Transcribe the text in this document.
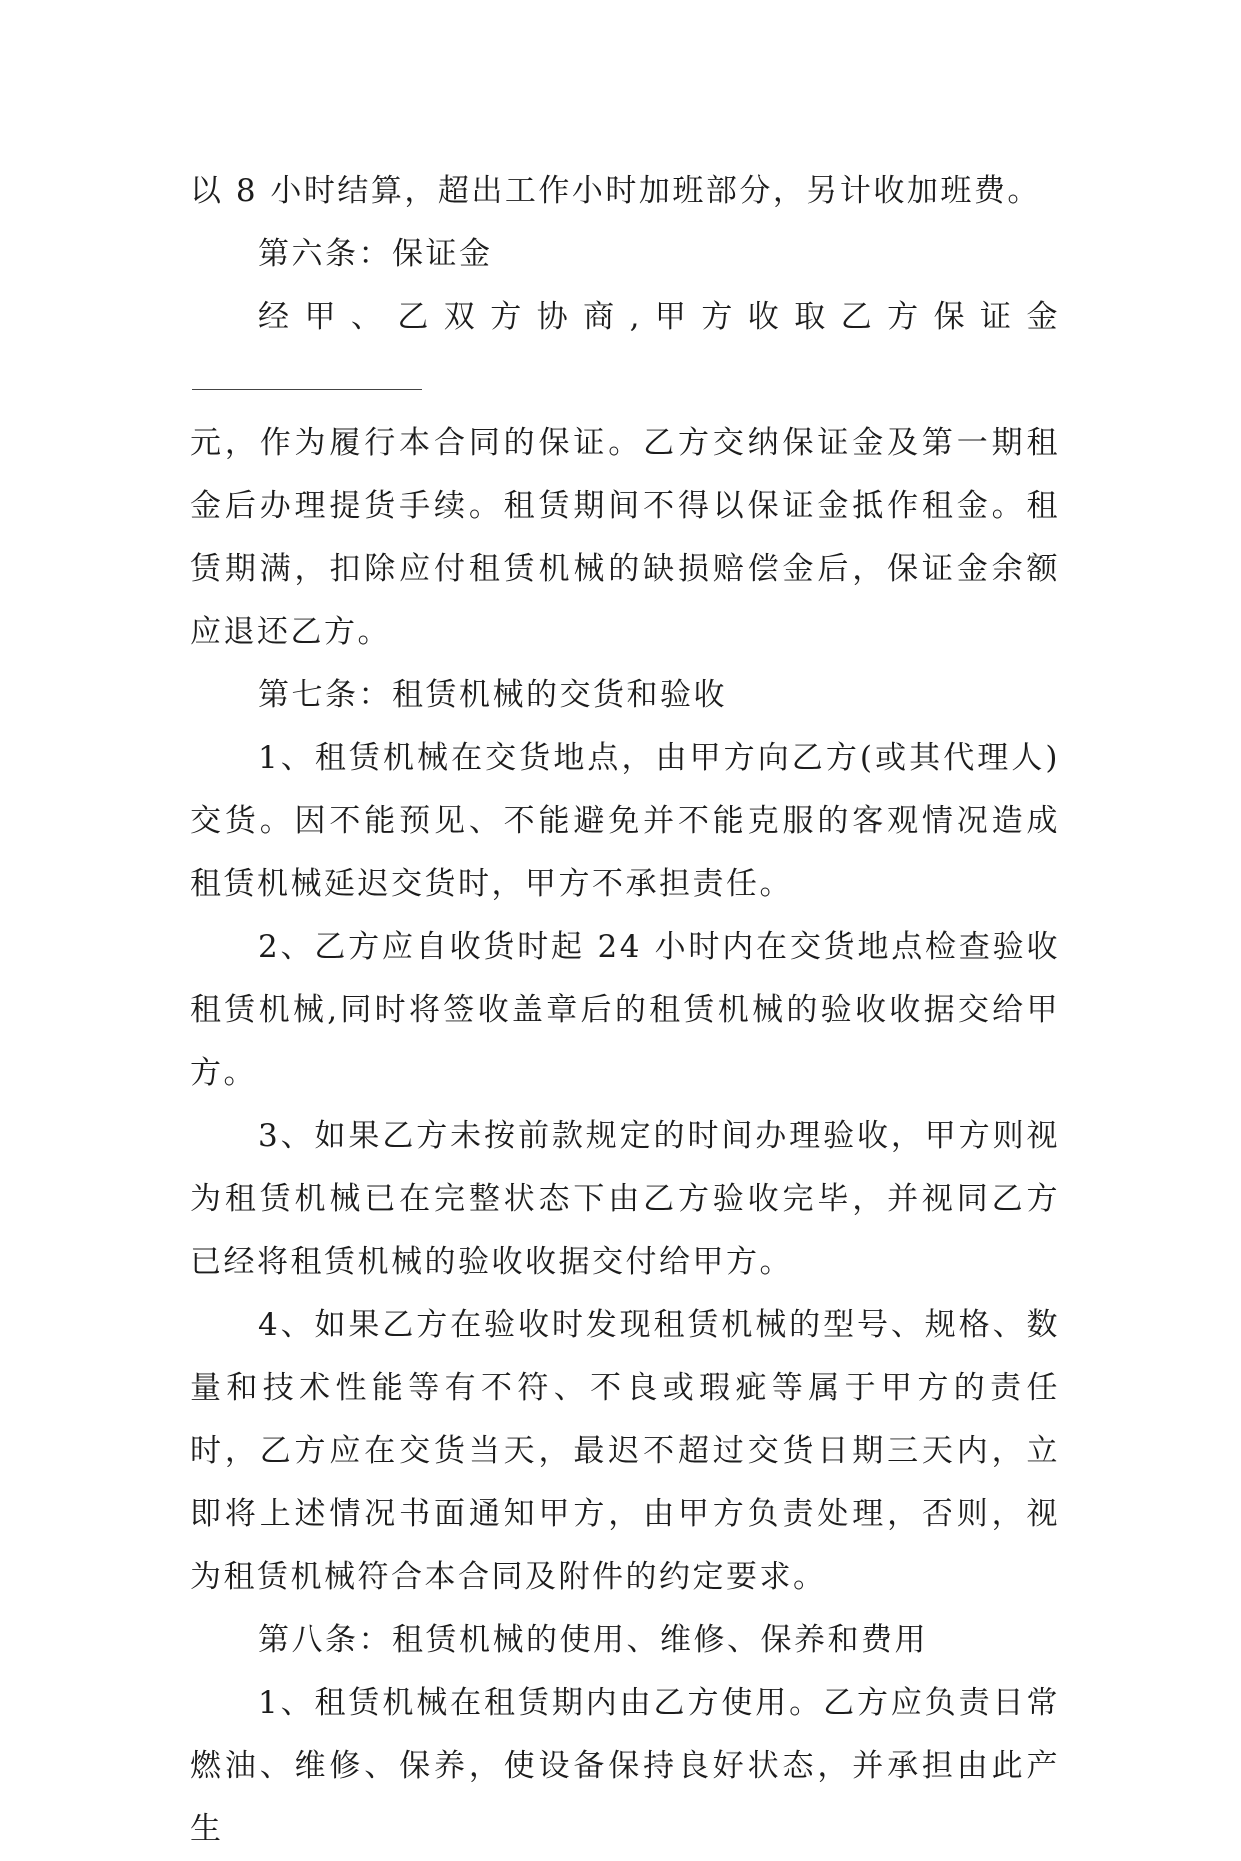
以 8 小时结算，超出工作小时加班部分，另计收加班费。

第六条：保证金

经甲、乙双方协商,甲方收取乙方保证金

元，作为履行本合同的保证。乙方交纳保证金及第一期租金后办理提货手续。租赁期间不得以保证金抵作租金。租赁期满，扣除应付租赁机械的缺损赔偿金后，保证金余额应退还乙方。

第七条：租赁机械的交货和验收

1、租赁机械在交货地点，由甲方向乙方(或其代理人)交货。因不能预见、不能避免并不能克服的客观情况造成租赁机械延迟交货时，甲方不承担责任。

2、乙方应自收货时起 24 小时内在交货地点检查验收租赁机械,同时将签收盖章后的租赁机械的验收收据交给甲方。

3、如果乙方未按前款规定的时间办理验收，甲方则视为租赁机械已在完整状态下由乙方验收完毕，并视同乙方已经将租赁机械的验收收据交付给甲方。

4、如果乙方在验收时发现租赁机械的型号、规格、数量和技术性能等有不符、不良或瑕疵等属于甲方的责任时，乙方应在交货当天，最迟不超过交货日期三天内，立即将上述情况书面通知甲方，由甲方负责处理，否则，视为租赁机械符合本合同及附件的约定要求。

第八条：租赁机械的使用、维修、保养和费用

1、租赁机械在租赁期内由乙方使用。乙方应负责日常燃油、维修、保养，使设备保持良好状态，并承担由此产生
